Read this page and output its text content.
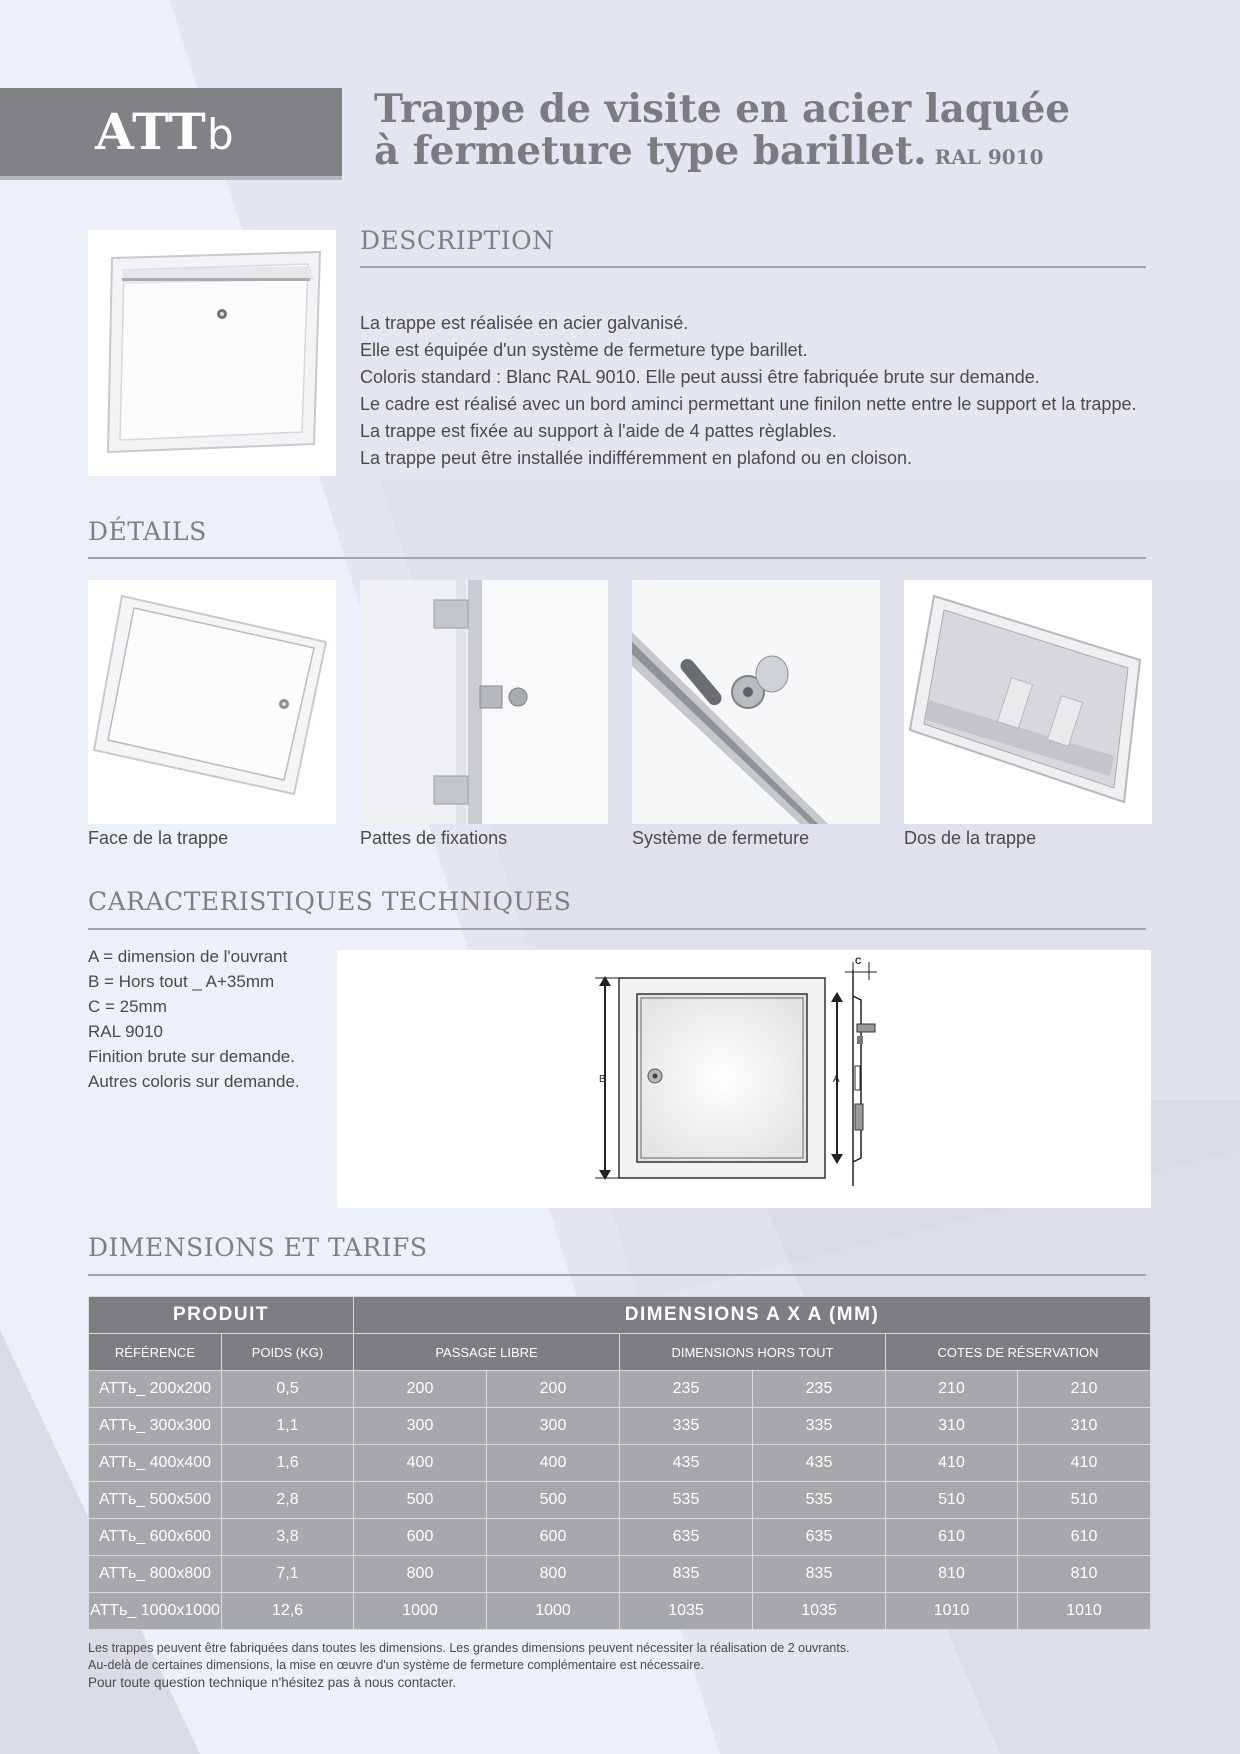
ATT b
Trappe de visite en acier laquée
à fermeture type barillet. RAL 9010
DESCRIPTION
La trappe est réalisée en acier galvanisé.
Elle est équipée d'un système de fermeture type barillet.
Coloris standard : Blanc RAL 9010. Elle peut aussi être fabriquée brute sur demande.
Le cadre est réalisé avec un bord aminci permettant une finilon nette entre le support et la trappe.
La trappe est fixée au support à l'aide de 4 pattes règlables.
La trappe peut être installée indifféremment en plafond ou en cloison.
DÉTAILS
Face de la trappe	Pattes de fixations	Système de fermeture	Dos de la trappe
CARACTERISTIQUES TECHNIQUES
A = dimension de l'ouvrant
B = Hors tout _ A+35mm
C = 25mm
RAL 9010
Finition brute sur demande.
Autres coloris sur demande.	B	A
C
DIMENSIONS ET TARIFS
PRODUIT		DIMENSIONS A X A (MM)					
RÉFÉRENCE	POIDS (KG)	PASSAGE LIBRE		DIMENSIONS HORS TOUT		COTES DE RÉSERVATION	
ATTь_ 200x200	0,5	200	200	235	235	210	210
ATTь_ 300x300	1,1	300	300	335	335	310	310
ATTь_ 400x400	1,6	400	400	435	435	410	410
ATTь_ 500x500	2,8	500	500	535	535	510	510
ATTь_ 600x600	3,8	600	600	635	635	610	610
ATTь_ 800x800	7,1	800	800	835	835	810	810
ATTь_ 1000x1000	12,6	1000	1000	1035	1035	1010	1010
Les trappes peuvent être fabriquées dans toutes les dimensions. Les grandes dimensions peuvent nécessiter la réalisation de 2 ouvrants.
Au-delà de certaines dimensions, la mise en œuvre d'un système de fermeture complémentaire est nécessaire.
Pour toute question technique n'hésitez pas à nous contacter.
